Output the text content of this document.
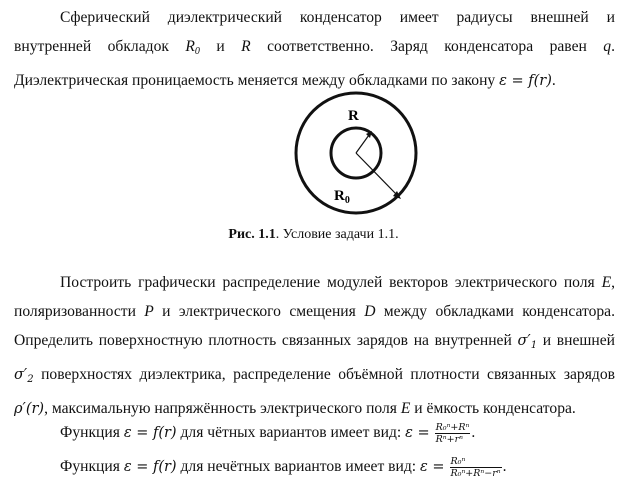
Сферический диэлектрический конденсатор имеет радиусы внешней и
внутренней обкладок $R_0$ и R соответственно. Заряд конденсатора равен q.
Диэлектрическая проницаемость меняется между обкладками по закону ε = f(r).
R
$R_0$
Рис. 1.1. Условие задачи 1.1.
Построить графически распределение модулей векторов электрического поля E,
поляризованности P и электрического смещения D между обкладками конденсатора.
Определить поверхностную плотность связанных зарядов на внутренней $\sigma'_1$ и внешней
$\sigma'_2$ поверхностях диэлектрика, распределение объёмной плотности связанных зарядов
ρ′(r), максимальную напряжённость электрического поля E и ёмкость конденсатора.
Функция ε = f(r) для чётных вариантов имеет вид: $\varepsilon = \frac{\text{R₀ⁿ+Rⁿ}}{\text{Rⁿ+rⁿ}}$ .
Функция ε = f(r) для нечётных вариантов имеет вид: $\varepsilon = \frac{\text{R₀ⁿ}}{\text{R₀ⁿ+Rⁿ−rⁿ}}$ .
